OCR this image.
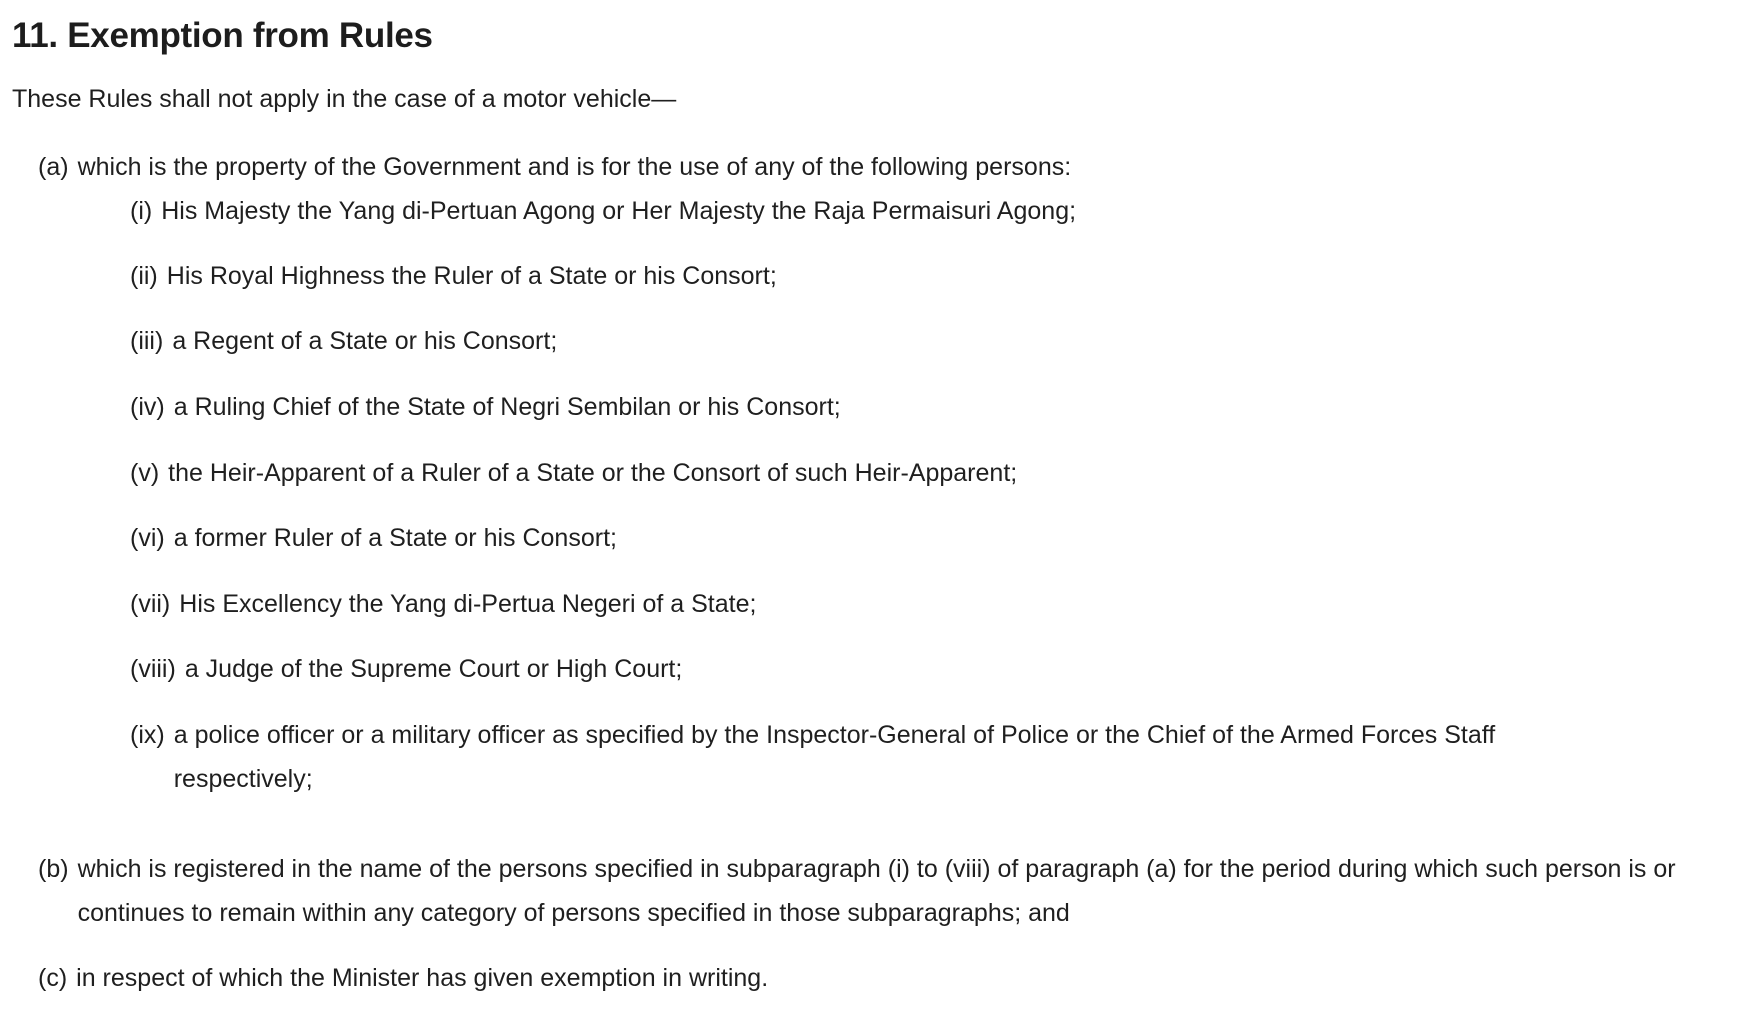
11. Exemption from Rules

These Rules shall not apply in the case of a motor vehicle—

(a) which is the property of the Government and is for the use of any of the following persons:
(i) His Majesty the Yang di-Pertuan Agong or Her Majesty the Raja Permaisuri Agong;
(ii) His Royal Highness the Ruler of a State or his Consort;
(iii) a Regent of a State or his Consort;
(iv) a Ruling Chief of the State of Negri Sembilan or his Consort;
(v) the Heir-Apparent of a Ruler of a State or the Consort of such Heir-Apparent;
(vi) a former Ruler of a State or his Consort;
(vii) His Excellency the Yang di-Pertua Negeri of a State;
(viii) a Judge of the Supreme Court or High Court;
(ix) a police officer or a military officer as specified by the Inspector-General of Police or the Chief of the Armed Forces Staff respectively;
(b) which is registered in the name of the persons specified in subparagraph (i) to (viii) of paragraph (a) for the period during which such person is or continues to remain within any category of persons specified in those subparagraphs; and
(c) in respect of which the Minister has given exemption in writing.
